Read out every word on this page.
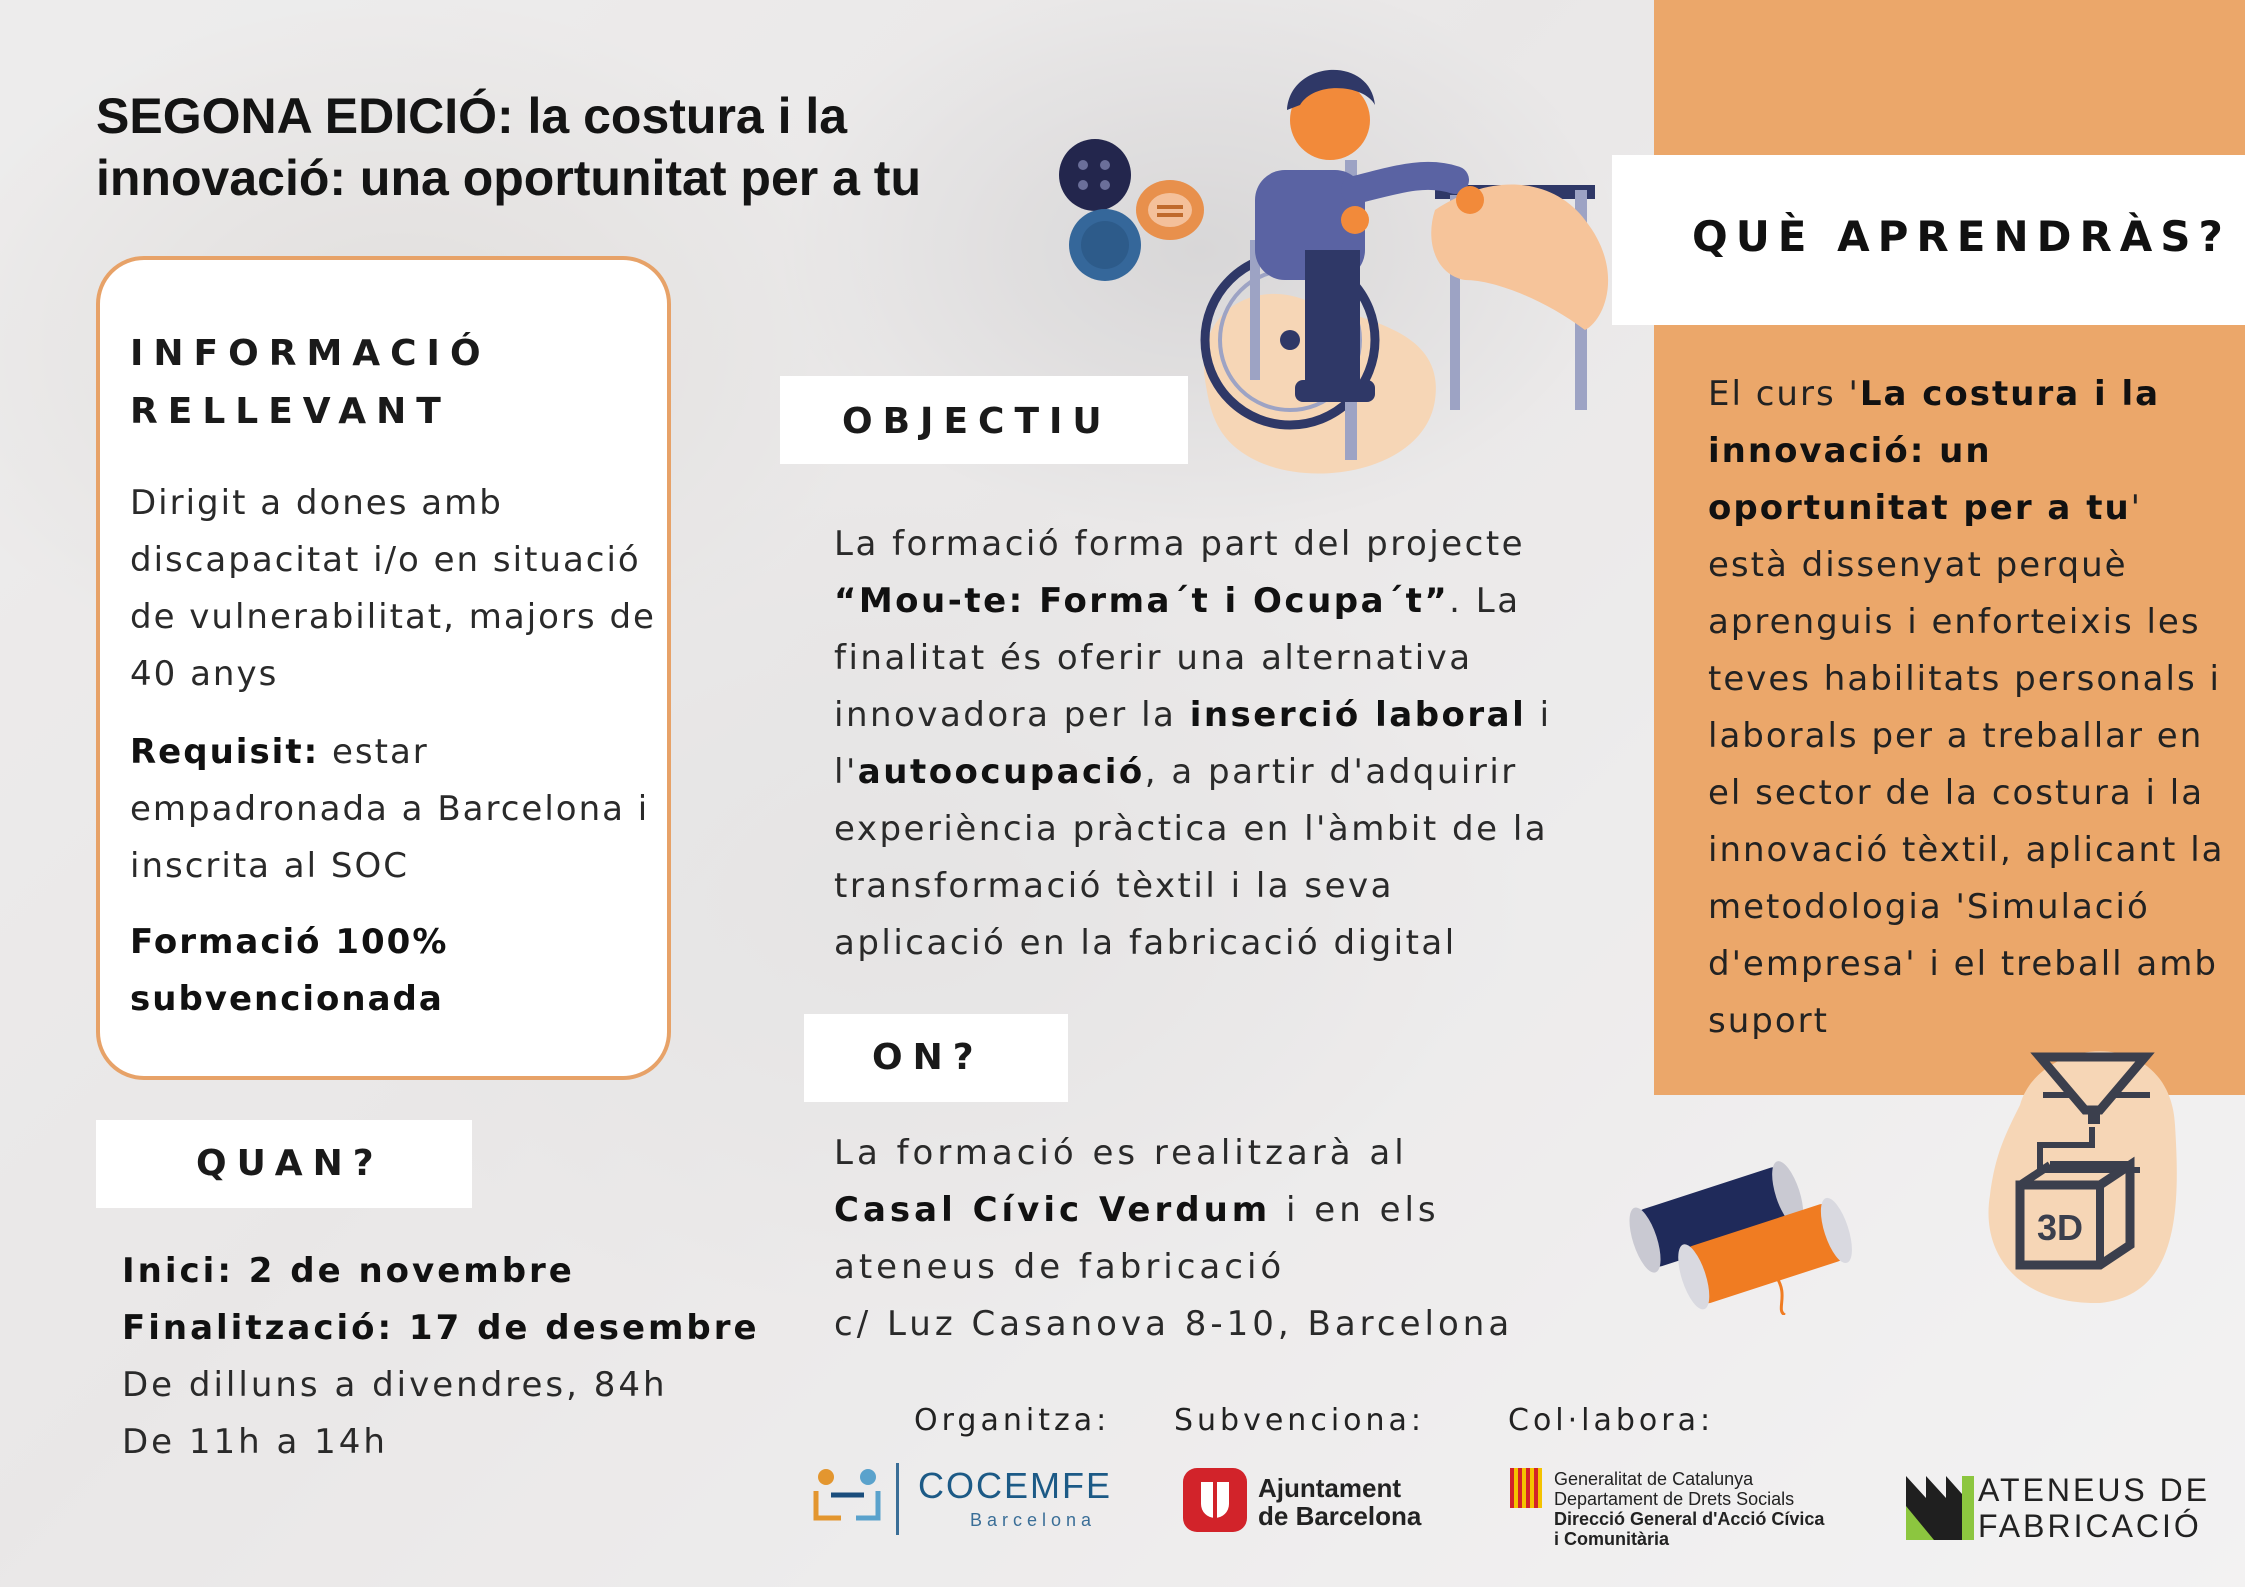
SEGONA EDICIÓ: la costura i la innovació: una oportunitat per a tu
QUÈ APRENDRÀS?
El curs 'La costura i la innovació: un oportunitat per a tu' està dissenyat perquè aprenguis i enforteixis les teves habilitats personals i laborals per a treballar en el sector de la costura i la innovació tèxtil, aplicant la metodologia 'Simulació d'empresa' i el treball amb suport
INFORMACIÓ
RELLEVANT
Dirigit a dones amb discapacitat i/o en situació de vulnerabilitat, majors de 40 anys
Requisit: estar empadronada a Barcelona i inscrita al SOC
Formació 100% subvencionada
QUAN?
Inici: 2 de novembre
Finalització: 17 de desembre
De dilluns a divendres, 84h
De 11h a 14h
OBJECTIU
La formació forma part del projecte “Mou-te: Forma´t i Ocupa´t”. La finalitat és oferir una alternativa innovadora per la inserció laboral i l'autoocupació, a partir d'adquirir experiència pràctica en l'àmbit de la transformació tèxtil i la seva aplicació en la fabricació digital
ON?
La formació es realitzarà al Casal Cívic Verdum i en els ateneus de fabricació
c/ Luz Casanova 8-10, Barcelona
3D
Organitza: Subvenciona:	Col·labora:
COCEMFE
Barcelona
Ajuntament
de Barcelona
Generalitat de Catalunya
Departament de Drets Socials
Direcció General d'Acció Cívica
i Comunitària
ATENEUS DE
FABRICACIÓ
